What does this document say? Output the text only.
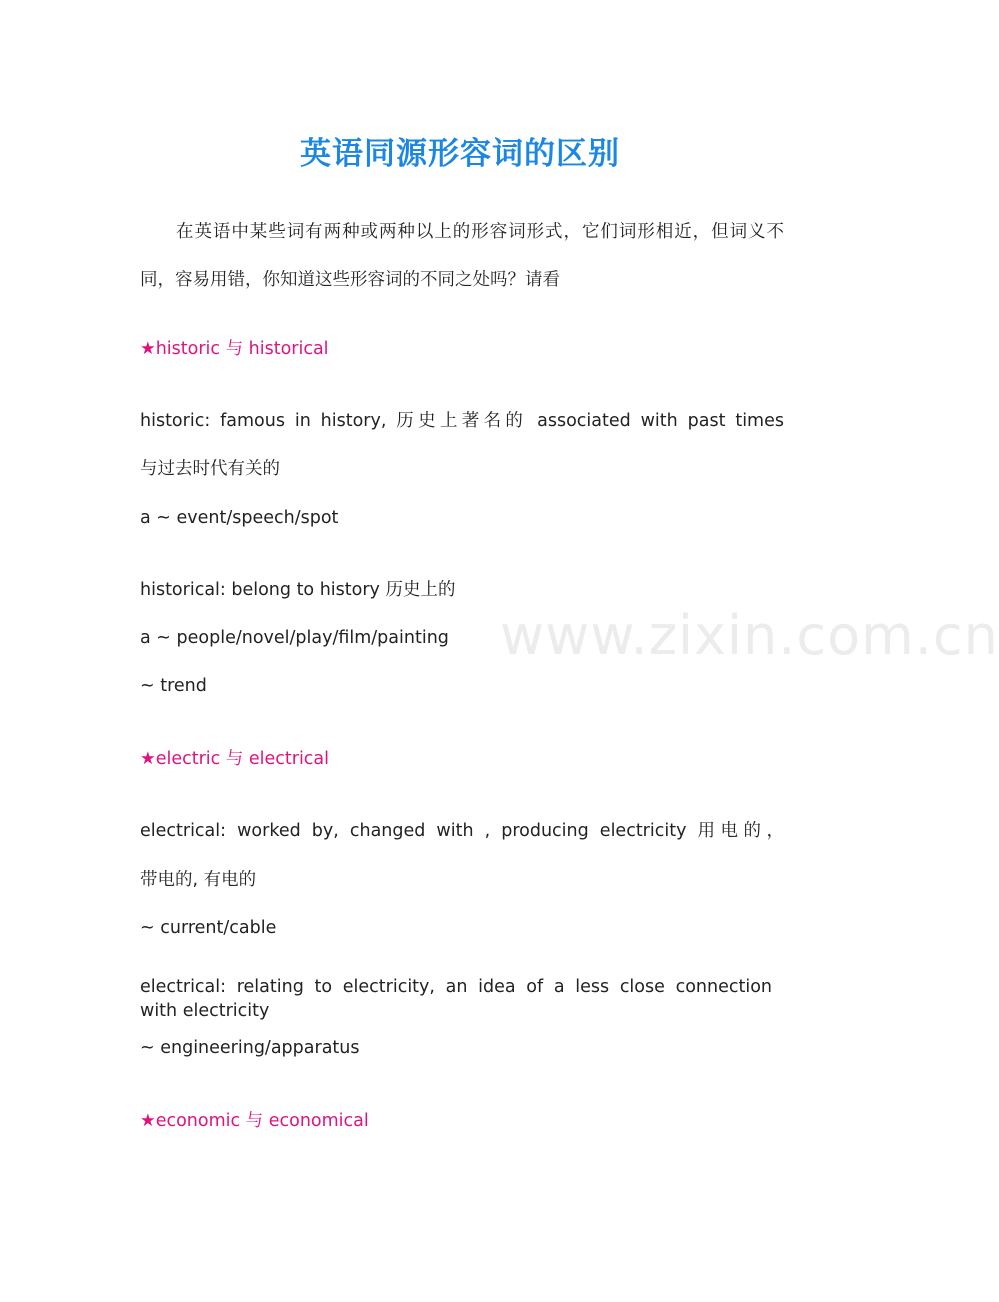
www.zixin.com.cn
英语同源形容词的区别
在英语中某些词有两种或两种以上的形容词形式，它们词形相近，但词义不
同，容易用错，你知道这些形容词的不同之处吗？请看
★historic 与 historical
historic: famous in history, 历史上著名的 associated with past times
与过去时代有关的
a ~ event/speech/spot
historical: belong to history 历史上的
a ~ people/novel/play/film/painting
~ trend
★electric 与 electrical
electrical: worked by, changed with , producing electricity 用电的，
带电的, 有电的
~ current/cable
electrical: relating to electricity, an idea of a less close connection
with electricity
~ engineering/apparatus
★economic 与 economical
